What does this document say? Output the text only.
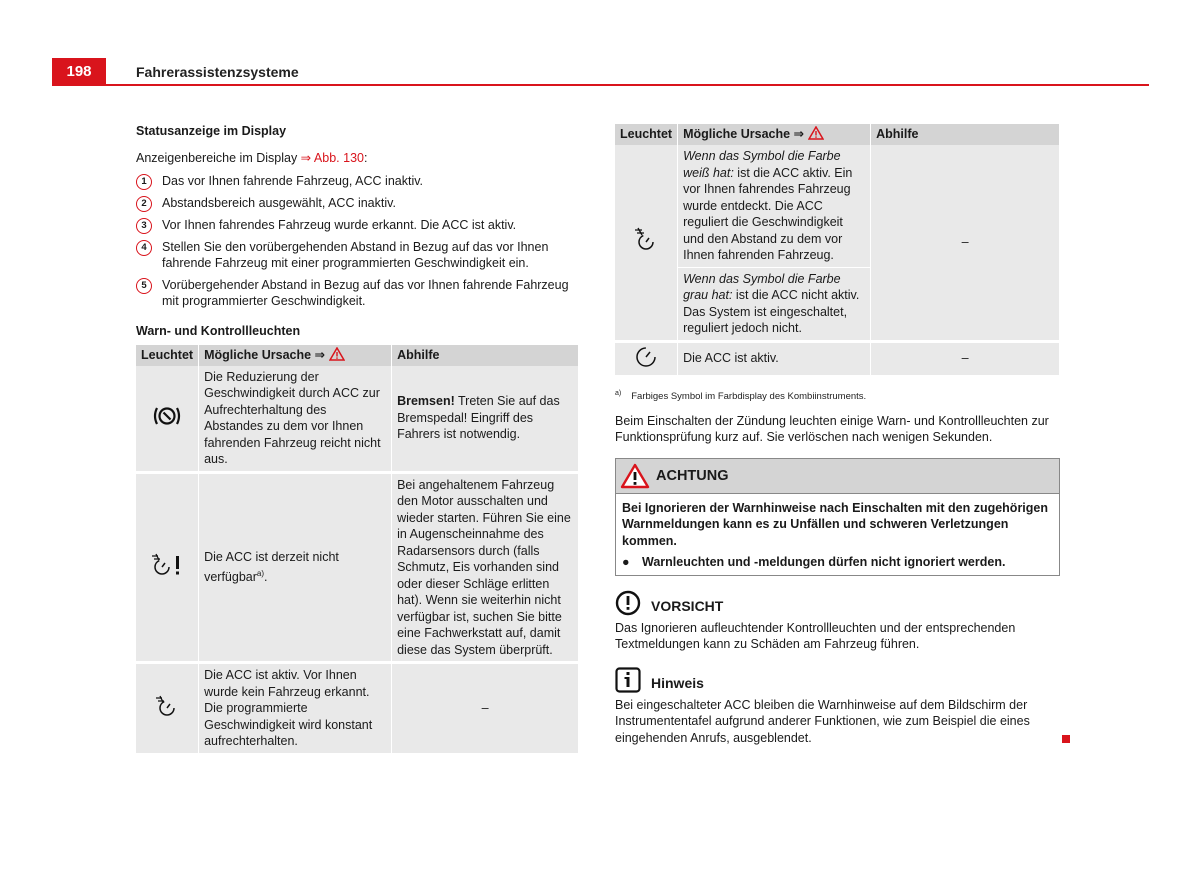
198	Fahrerassistenzsysteme

Statusanzeige im Display

Anzeigenbereiche im Display ⇒ Abb. 130:

1	Das vor Ihnen fahrende Fahrzeug, ACC inaktiv.
2	Abstandsbereich ausgewählt, ACC inaktiv.
3	Vor Ihnen fahrendes Fahrzeug wurde erkannt. Die ACC ist aktiv.
4	Stellen Sie den vorübergehenden Abstand in Bezug auf das vor Ihnen fahrende Fahrzeug mit einer programmierten Geschwindigkeit ein.
5	Vorübergehender Abstand in Bezug auf das vor Ihnen fahrende Fahrzeug mit programmierter Geschwindigkeit.

Warn- und Kontrollleuchten

Leuchtet	Mögliche Ursache ⇒	Abhilfe
	Die Reduzierung der Geschwindigkeit durch ACC zur Aufrechterhaltung des Abstandes zu dem vor Ihnen fahrenden Fahrzeug reicht nicht aus.	Bremsen! Treten Sie auf das Bremspedal! Eingriff des Fahrers ist notwendig.
	Die ACC ist derzeit nicht verfügbar$^{a)}$.	Bei angehaltenem Fahrzeug den Motor ausschalten und wieder starten. Führen Sie eine in Augenscheinnahme des Radarsensors durch (falls Schmutz, Eis vorhanden sind oder dieser Schläge erlitten hat). Wenn sie weiterhin nicht verfügbar ist, suchen Sie bitte eine Fachwerkstatt auf, damit diese das System überprüft.
	Die ACC ist aktiv. Vor Ihnen wurde kein Fahrzeug erkannt. Die programmierte Geschwindigkeit wird konstant aufrechterhalten.	–
Leuchtet	Mögliche Ursache ⇒	Abhilfe
	Wenn das Symbol die Farbe weiß hat: ist die ACC aktiv. Ein vor Ihnen fahrendes Fahrzeug wurde entdeckt. Die ACC reguliert die Geschwindigkeit und den Abstand zu dem vor Ihnen fahrenden Fahrzeug.	–
	Wenn das Symbol die Farbe grau hat: ist die ACC nicht aktiv. Das System ist eingeschaltet, reguliert jedoch nicht.	
	Die ACC ist aktiv.	–

$^{a)}$ Farbiges Symbol im Farbdisplay des Kombiinstruments.

Beim Einschalten der Zündung leuchten einige Warn- und Kontrollleuchten zur Funktionsprüfung kurz auf. Sie verlöschen nach wenigen Sekunden.

ACHTUNG
Bei Ignorieren der Warnhinweise nach Einschalten mit den zugehörigen Warnmeldungen kann es zu Unfällen und schweren Verletzungen kommen.
● Warnleuchten und -meldungen dürfen nicht ignoriert werden.
VORSICHT

Das Ignorieren aufleuchtender Kontrollleuchten und der entsprechenden Textmeldungen kann zu Schäden am Fahrzeug führen.

Hinweis

Bei eingeschalteter ACC bleiben die Warnhinweise auf dem Bildschirm der Instrumententafel aufgrund anderer Funktionen, wie zum Beispiel die eines eingehenden Anrufs, ausgeblendet.
